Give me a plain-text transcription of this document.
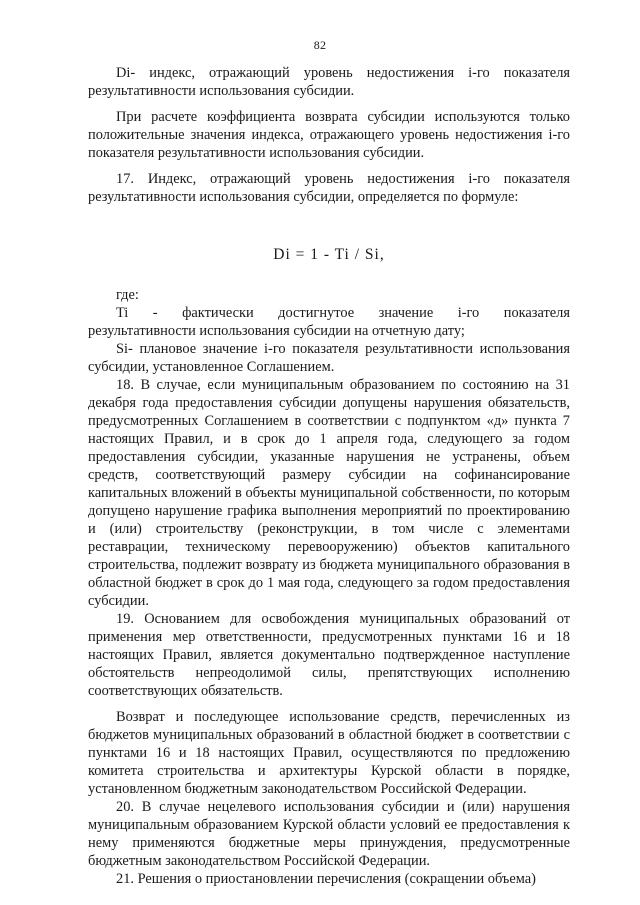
82

Di- индекс, отражающий уровень недостижения i-го показателя результативности использования субсидии.

При расчете коэффициента возврата субсидии используются только положительные значения индекса, отражающего уровень недостижения i-го показателя результативности использования субсидии.

17. Индекс, отражающий уровень недостижения i-го показателя результативности использования субсидии, определяется по формуле:

Di = 1 - Ti / Si,

где:

Ti - фактически достигнутое значение i-го показателя

результативности использования субсидии на отчетную дату;

Si- плановое значение i-го показателя результативности использования субсидии, установленное Соглашением.

18. В случае, если муниципальным образованием по состоянию на 31 декабря года предоставления субсидии допущены нарушения обязательств, предусмотренных Соглашением в соответствии с подпунктом «д» пункта 7 настоящих Правил, и в срок до 1 апреля года, следующего за годом предоставления субсидии, указанные нарушения не устранены, объем средств, соответствующий размеру субсидии на софинансирование капитальных вложений в объекты муниципальной собственности, по которым допущено нарушение графика выполнения мероприятий по проектированию и (или) строительству (реконструкции, в том числе с элементами реставрации, техническому перевооружению) объектов капитального строительства, подлежит возврату из бюджета муниципального образования в областной бюджет в срок до 1 мая года, следующего за годом предоставления субсидии.

19. Основанием для освобождения муниципальных образований от применения мер ответственности, предусмотренных пунктами 16 и 18 настоящих Правил, является документально подтвержденное наступление обстоятельств непреодолимой силы, препятствующих исполнению соответствующих обязательств.

Возврат и последующее использование средств, перечисленных из бюджетов муниципальных образований в областной бюджет в соответствии с пунктами 16 и 18 настоящих Правил, осуществляются по предложению комитета строительства и архитектуры Курской области в порядке, установленном бюджетным законодательством Российской Федерации.

20. В случае нецелевого использования субсидии и (или) нарушения муниципальным образованием Курской области условий ее предоставления к нему применяются бюджетные меры принуждения, предусмотренные бюджетным законодательством Российской Федерации.

21. Решения о приостановлении перечисления (сокращении объема)
